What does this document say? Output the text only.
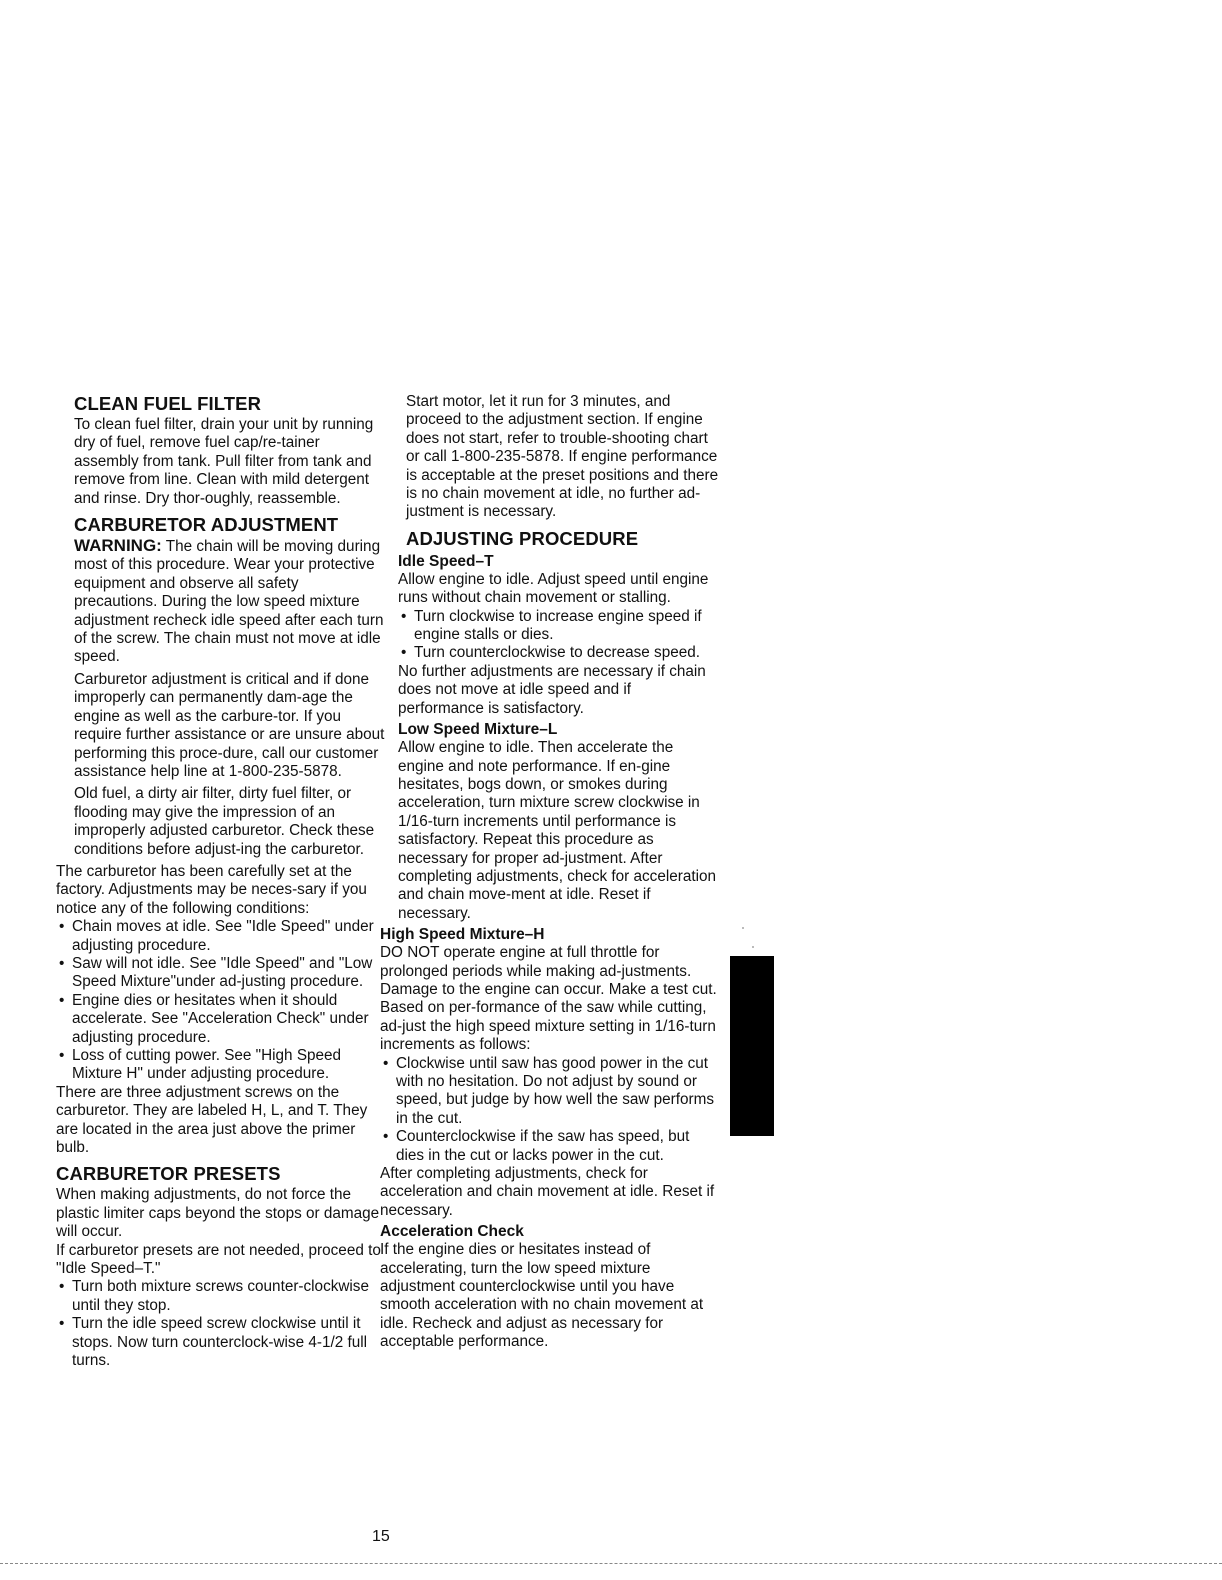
CLEAN FUEL FILTER

To clean fuel filter, drain your unit by running dry of fuel, remove fuel cap/re-tainer assembly from tank. Pull filter from tank and remove from line. Clean with mild detergent and rinse. Dry thor-oughly, reassemble.

CARBURETOR ADJUSTMENT

WARNING: The chain will be moving during most of this procedure. Wear your protective equipment and observe all safety precautions. During the low speed mixture adjustment recheck idle speed after each turn of the screw. The chain must not move at idle speed.

Carburetor adjustment is critical and if done improperly can permanently dam-age the engine as well as the carbure-tor. If you require further assistance or are unsure about performing this proce-dure, call our customer assistance help line at 1-800-235-5878.

Old fuel, a dirty air filter, dirty fuel filter, or flooding may give the impression of an improperly adjusted carburetor. Check these conditions before adjust-ing the carburetor.

The carburetor has been carefully set at the factory. Adjustments may be neces-sary if you notice any of the following conditions:

• Chain moves at idle. See "Idle Speed" under adjusting procedure.
• Saw will not idle. See "Idle Speed" and "Low Speed Mixture"under ad-justing procedure.
• Engine dies or hesitates when it should accelerate. See "Acceleration Check" under adjusting procedure.
• Loss of cutting power. See "High Speed Mixture H" under adjusting procedure.

There are three adjustment screws on the carburetor. They are labeled H, L, and T. They are located in the area just above the primer bulb.

CARBURETOR PRESETS

When making adjustments, do not force the plastic limiter caps beyond the stops or damage will occur.

If carburetor presets are not needed, proceed to "Idle Speed–T."

• Turn both mixture screws counter-clockwise until they stop.
• Turn the idle speed screw clockwise until it stops. Now turn counterclock-wise 4-1/2 full turns.

Start motor, let it run for 3 minutes, and proceed to the adjustment section. If engine does not start, refer to trouble-shooting chart or call 1-800-235-5878. If engine performance is acceptable at the preset positions and there is no chain movement at idle, no further ad-justment is necessary.

ADJUSTING PROCEDURE
Idle Speed–T

Allow engine to idle. Adjust speed until engine runs without chain movement or stalling.

• Turn clockwise to increase engine speed if engine stalls or dies.
• Turn counterclockwise to decrease speed.

No further adjustments are necessary if chain does not move at idle speed and if performance is satisfactory.

Low Speed Mixture–L

Allow engine to idle. Then accelerate the engine and note performance. If en-gine hesitates, bogs down, or smokes during acceleration, turn mixture screw clockwise in 1/16-turn increments until performance is satisfactory. Repeat this procedure as necessary for proper ad-justment. After completing adjustments, check for acceleration and chain move-ment at idle. Reset if necessary.

High Speed Mixture–H

DO NOT operate engine at full throttle for prolonged periods while making ad-justments. Damage to the engine can occur. Make a test cut. Based on per-formance of the saw while cutting, ad-just the high speed mixture setting in 1/16-turn increments as follows:

• Clockwise until saw has good power in the cut with no hesitation. Do not adjust by sound or speed, but judge by how well the saw performs in the cut.
• Counterclockwise if the saw has speed, but dies in the cut or lacks power in the cut.

After completing adjustments, check for acceleration and chain movement at idle. Reset if necessary.

Acceleration Check

If the engine dies or hesitates instead of accelerating, turn the low speed mixture adjustment counterclockwise until you have smooth acceleration with no chain movement at idle. Recheck and adjust as necessary for acceptable performance.

15
